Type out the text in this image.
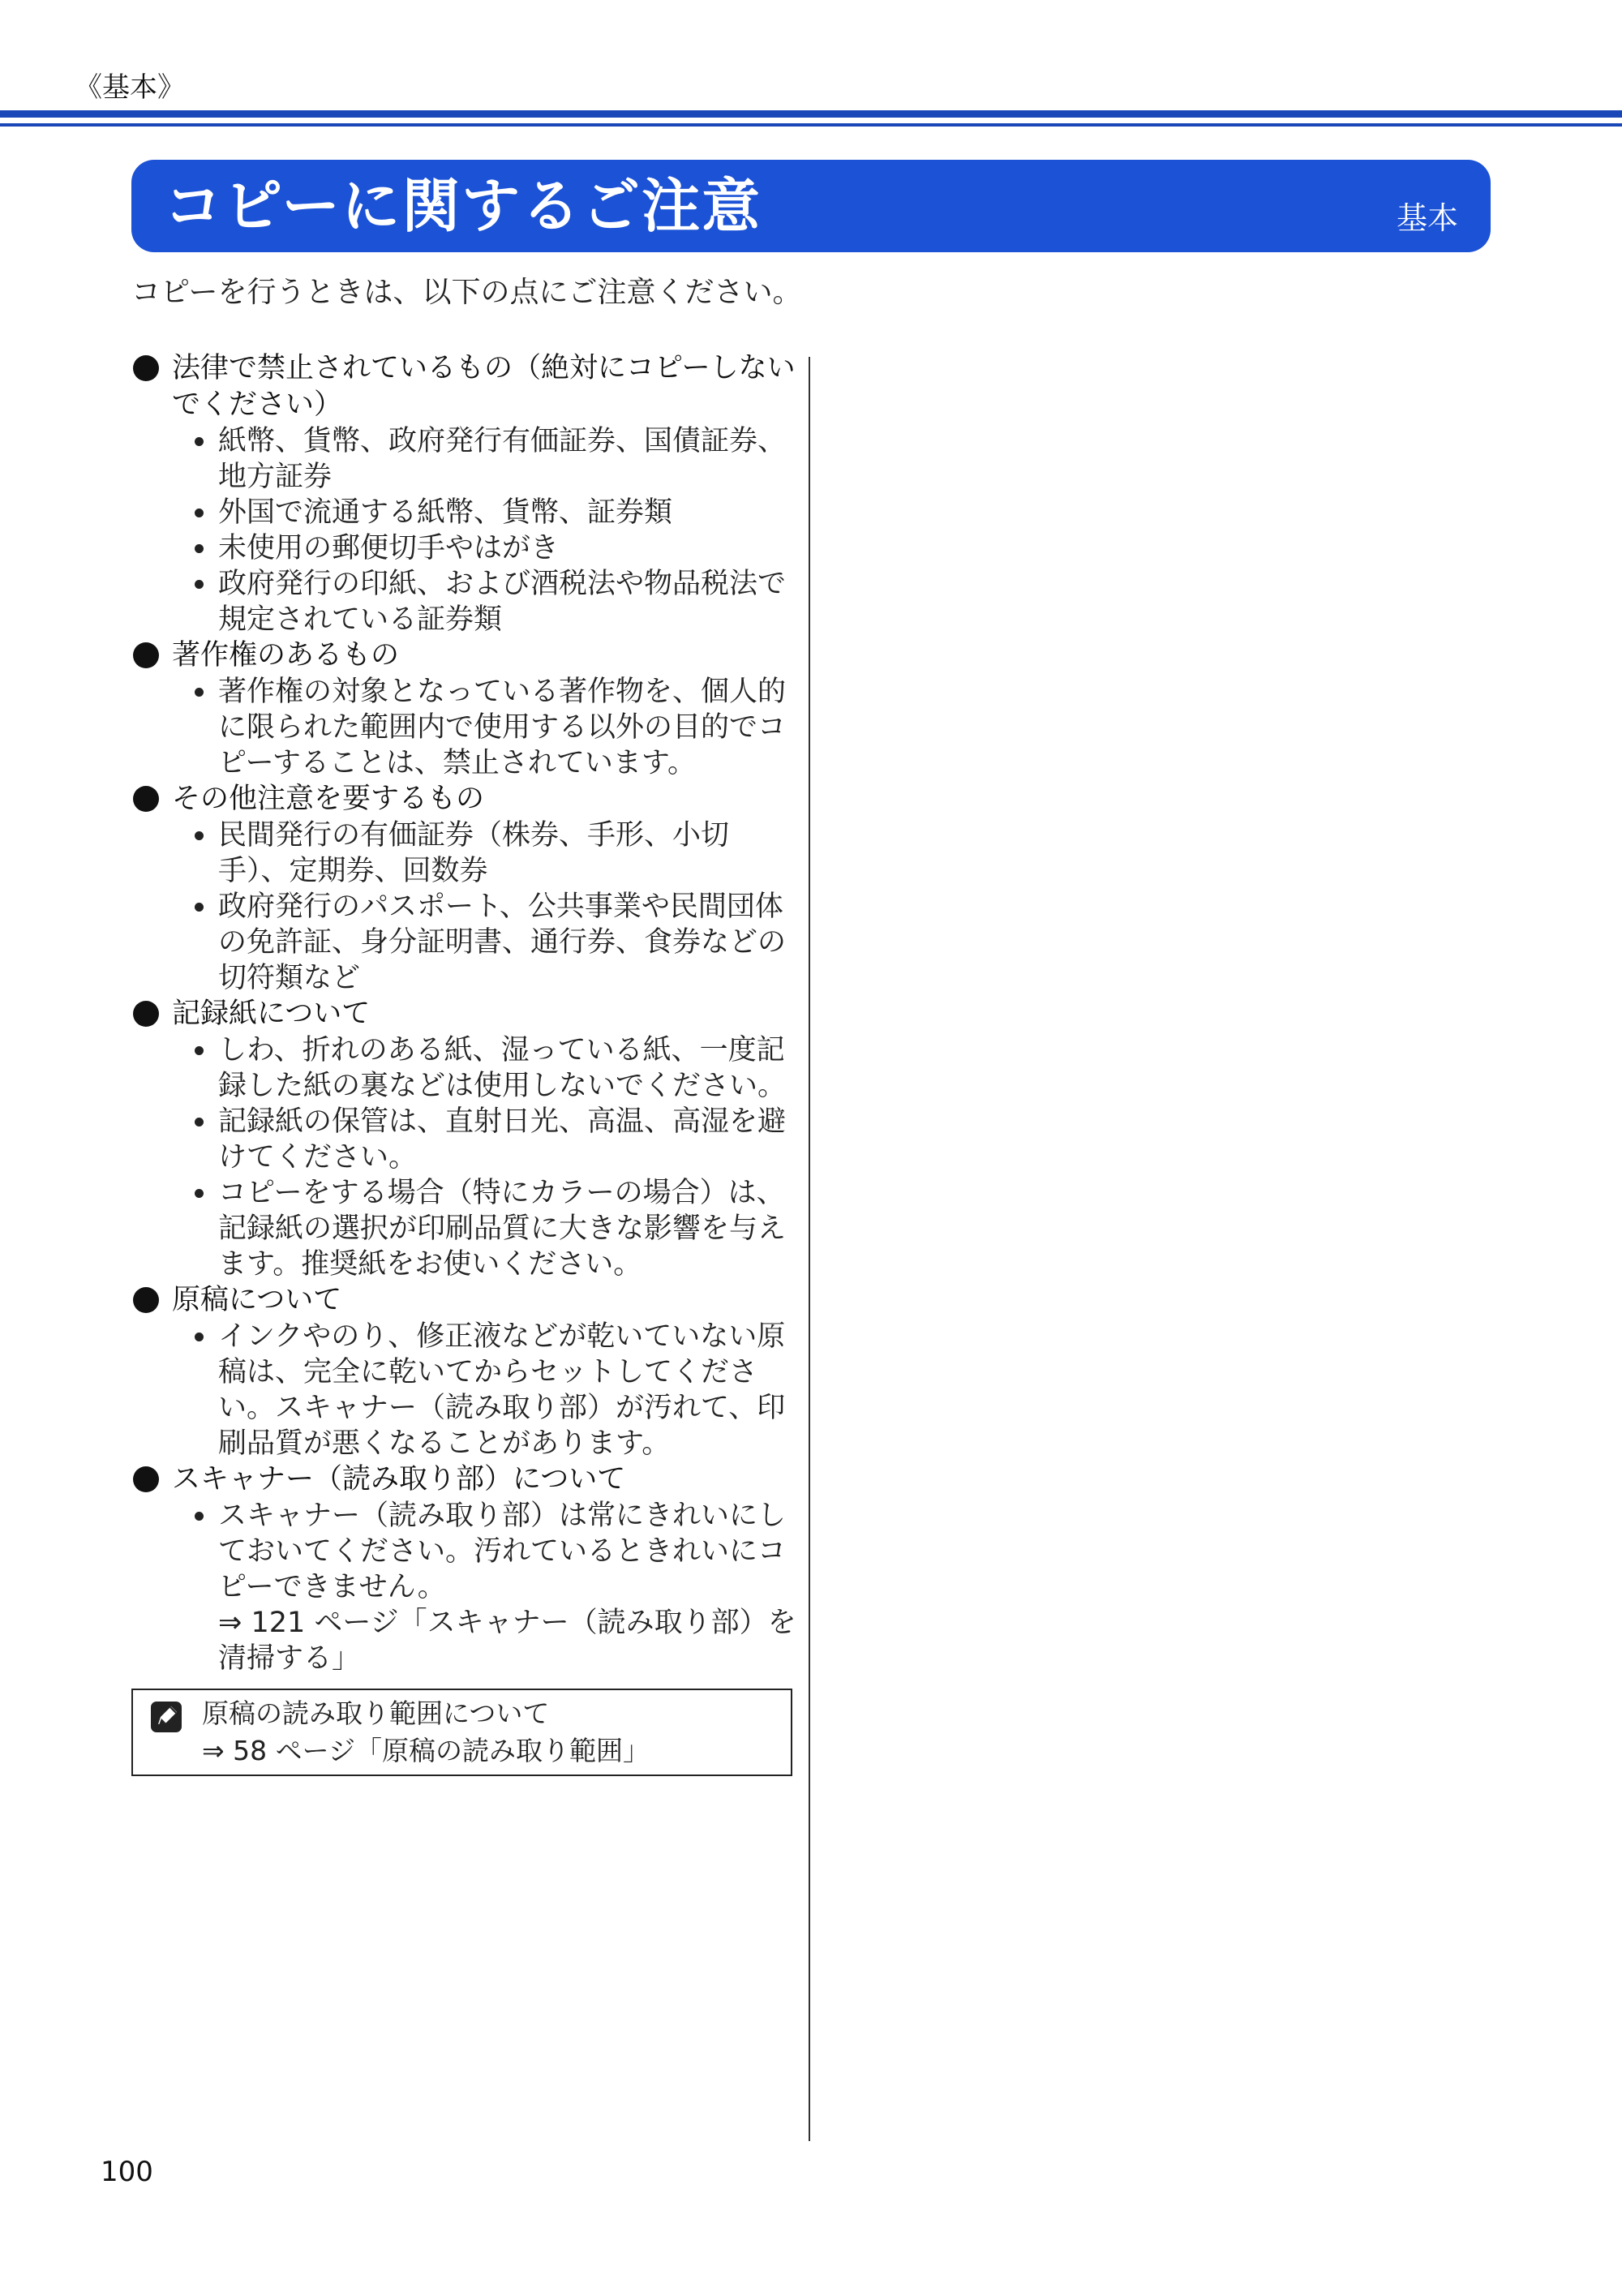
《基本》
コピーに関するご注意	基本
コピーを行うときは、以下の点にご注意ください。
法律で禁止されているもの（絶対にコピーしないでください）
紙幣、貨幣、政府発行有価証券、国債証券、地方証券
外国で流通する紙幣、貨幣、証券類
未使用の郵便切手やはがき
政府発行の印紙、および酒税法や物品税法で規定されている証券類
著作権のあるもの
著作権の対象となっている著作物を、個人的に限られた範囲内で使用する以外の目的でコピーすることは、禁止されています。
その他注意を要するもの
民間発行の有価証券（株券、手形、小切手）、定期券、回数券
政府発行のパスポート、公共事業や民間団体の免許証、身分証明書、通行券、食券などの切符類など
記録紙について
しわ、折れのある紙、湿っている紙、一度記録した紙の裏などは使用しないでください。
記録紙の保管は、直射日光、高温、高湿を避けてください。
コピーをする場合（特にカラーの場合）は、記録紙の選択が印刷品質に大きな影響を与えます。推奨紙をお使いください。
原稿について
インクやのり、修正液などが乾いていない原稿は、完全に乾いてからセットしてください。スキャナー（読み取り部）が汚れて、印刷品質が悪くなることがあります。
スキャナー（読み取り部）について
スキャナー（読み取り部）は常にきれいにしておいてください。汚れているときれいにコピーできません。
⇒ 121 ページ「スキャナー（読み取り部）を清掃する」
原稿の読み取り範囲について
⇒ 58 ページ「原稿の読み取り範囲」
100
